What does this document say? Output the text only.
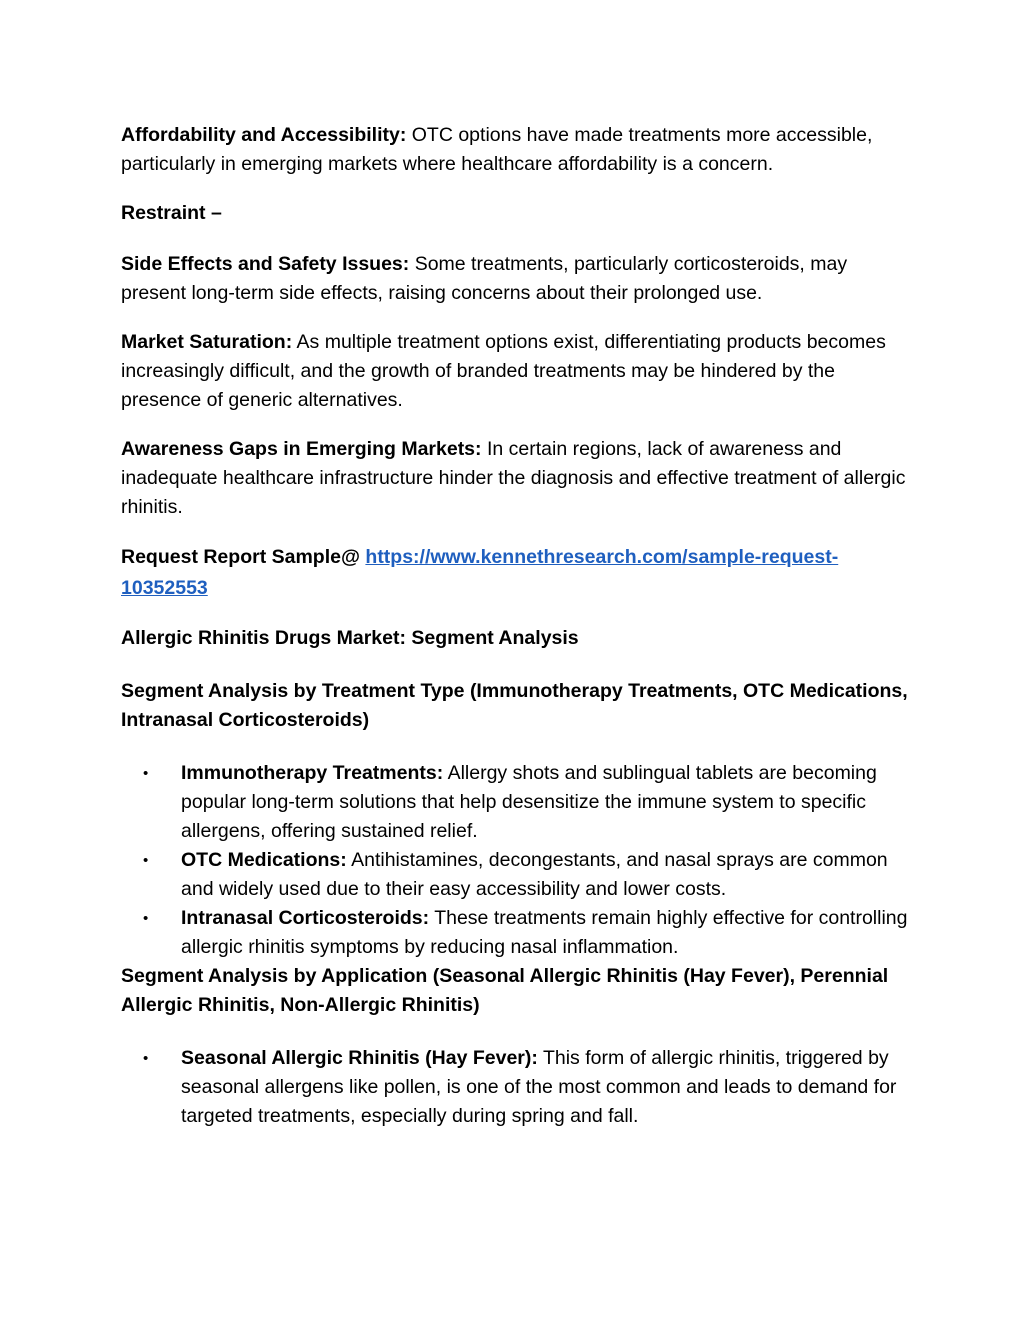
Affordability and Accessibility: OTC options have made treatments more accessible, particularly in emerging markets where healthcare affordability is a concern.

Restraint –

Side Effects and Safety Issues: Some treatments, particularly corticosteroids, may present long-term side effects, raising concerns about their prolonged use.

Market Saturation: As multiple treatment options exist, differentiating products becomes increasingly difficult, and the growth of branded treatments may be hindered by the presence of generic alternatives.

Awareness Gaps in Emerging Markets: In certain regions, lack of awareness and inadequate healthcare infrastructure hinder the diagnosis and effective treatment of allergic rhinitis.

Request Report Sample@ https://www.kennethresearch.com/sample-request-10352553

Allergic Rhinitis Drugs Market: Segment Analysis

Segment Analysis by Treatment Type (Immunotherapy Treatments, OTC Medications, Intranasal Corticosteroids)

• Immunotherapy Treatments: Allergy shots and sublingual tablets are becoming popular long-term solutions that help desensitize the immune system to specific allergens, offering sustained relief.
• OTC Medications: Antihistamines, decongestants, and nasal sprays are common and widely used due to their easy accessibility and lower costs.
• Intranasal Corticosteroids: These treatments remain highly effective for controlling allergic rhinitis symptoms by reducing nasal inflammation.

Segment Analysis by Application (Seasonal Allergic Rhinitis (Hay Fever), Perennial Allergic Rhinitis, Non-Allergic Rhinitis)

• Seasonal Allergic Rhinitis (Hay Fever): This form of allergic rhinitis, triggered by seasonal allergens like pollen, is one of the most common and leads to demand for targeted treatments, especially during spring and fall.
